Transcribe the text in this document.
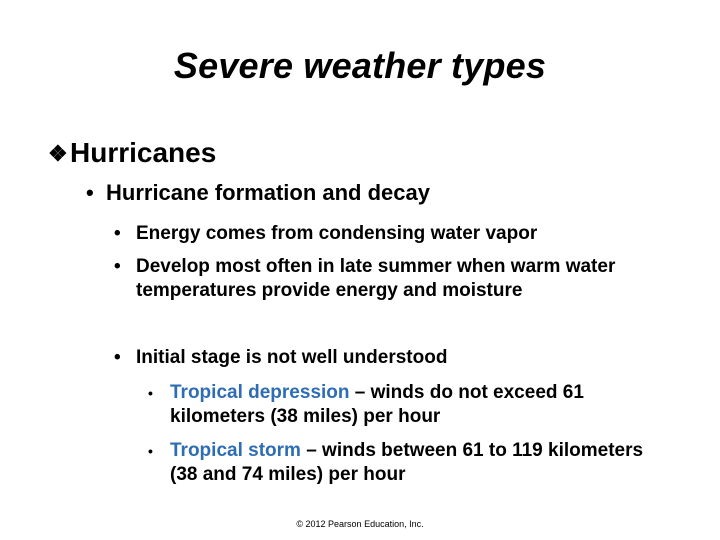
Severe weather types
❖Hurricanes
• Hurricane formation and decay
• Energy comes from condensing water vapor
• Develop most often in late summer when warm water temperatures provide energy and moisture
• Initial stage is not well understood
• Tropical depression – winds do not exceed 61 kilometers (38 miles) per hour
• Tropical storm – winds between 61 to 119 kilometers (38 and 74 miles) per hour
© 2012 Pearson Education, Inc.
